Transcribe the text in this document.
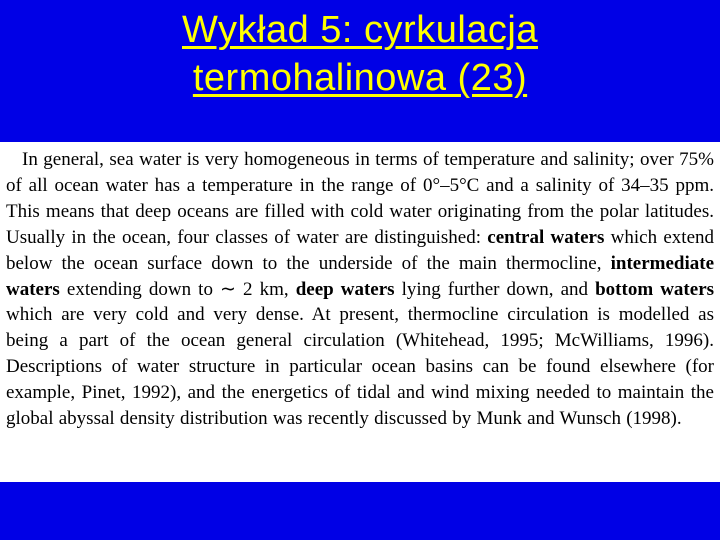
Wykład 5: cyrkulacja
termohalinowa (23)

In general, sea water is very homogeneous in terms of temperature and salinity; over 75% of all ocean water has a temperature in the range of 0°–5°C and a salinity of 34–35 ppm. This means that deep oceans are filled with cold water originating from the polar latitudes. Usually in the ocean, four classes of water are distinguished: central waters which extend below the ocean surface down to the underside of the main thermocline, intermediate waters extending down to ∼ 2 km, deep waters lying further down, and bottom waters which are very cold and very dense. At present, thermocline circulation is modelled as being a part of the ocean general circulation (Whitehead, 1995; McWilliams, 1996). Descriptions of water structure in particular ocean basins can be found elsewhere (for example, Pinet, 1992), and the energetics of tidal and wind mixing needed to maintain the global abyssal density distribution was recently discussed by Munk and Wunsch (1998).
